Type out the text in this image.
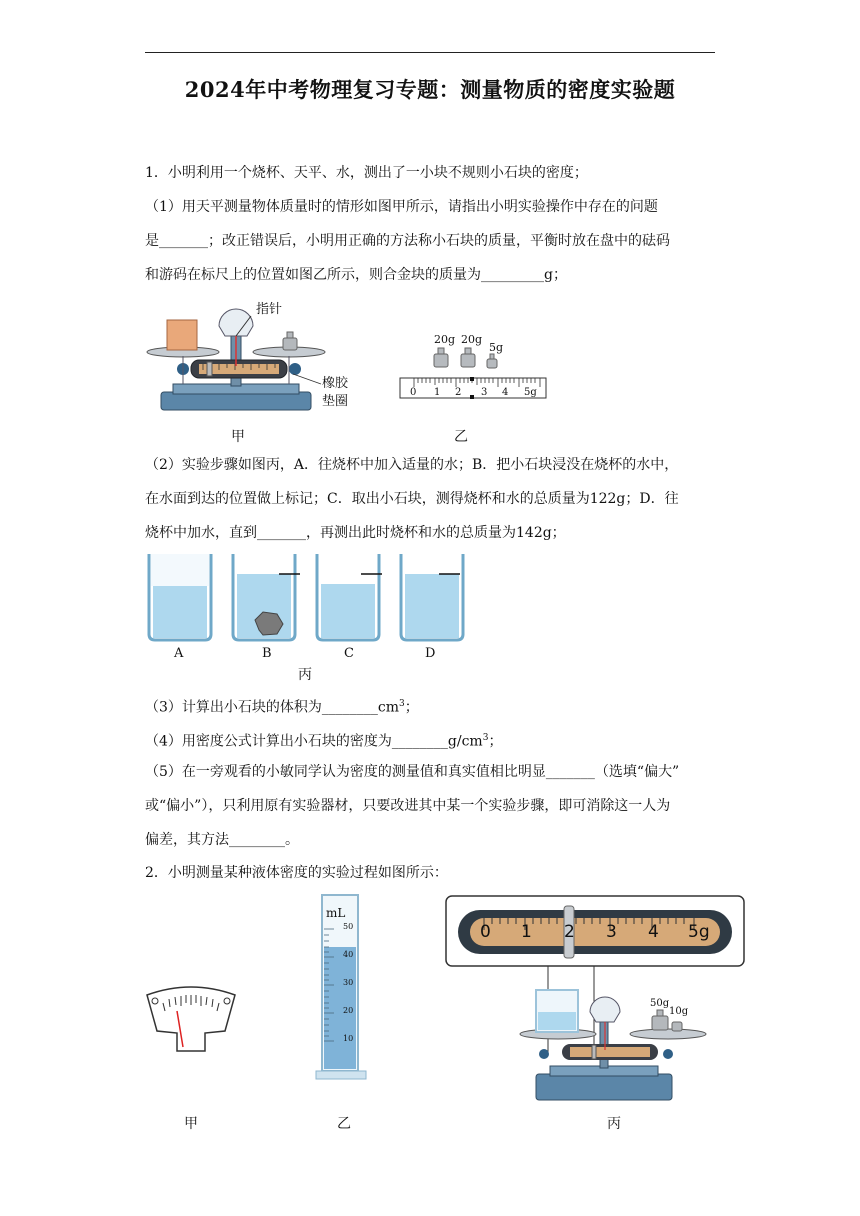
2024年中考物理复习专题：测量物质的密度实验题
1．小明利用一个烧杯、天平、水，测出了一小块不规则小石块的密度；
（1）用天平测量物体质量时的情形如图甲所示，请指出小明实验操作中存在的问题
是_______；改正错误后，小明用正确的方法称小石块的质量，平衡时放在盘中的砝码
和游码在标尺上的位置如图乙所示，则合金块的质量为_________g；
指针
橡胶
垫圈
20g 20g
5g
0 1 2 3 4 5g
甲	乙
（2）实验步骤如图丙，A．往烧杯中加入适量的水；B．把小石块浸没在烧杯的水中，
在水面到达的位置做上标记；C．取出小石块，测得烧杯和水的总质量为122g；D．往
烧杯中加水，直到_______，再测出此时烧杯和水的总质量为142g；
A	B	C	D
丙
（3）计算出小石块的体积为$\_\_\_\_\_\_\_\_cm^3$；
（4）用密度公式计算出小石块的密度为$\_\_\_\_\_\_\_\_g/cm^3$；
（5）在一旁观看的小敏同学认为密度的测量值和真实值相比明显_______（选填“偏大”
或“偏小”），只利用原有实验器材，只要改进其中某一个实验步骤，即可消除这一人为
偏差，其方法________。
2．小明测量某种液体密度的实验过程如图所示：
mL
50
40
30
20
10
0 1 2 3 4 5g
50g
10g
甲	乙	丙
